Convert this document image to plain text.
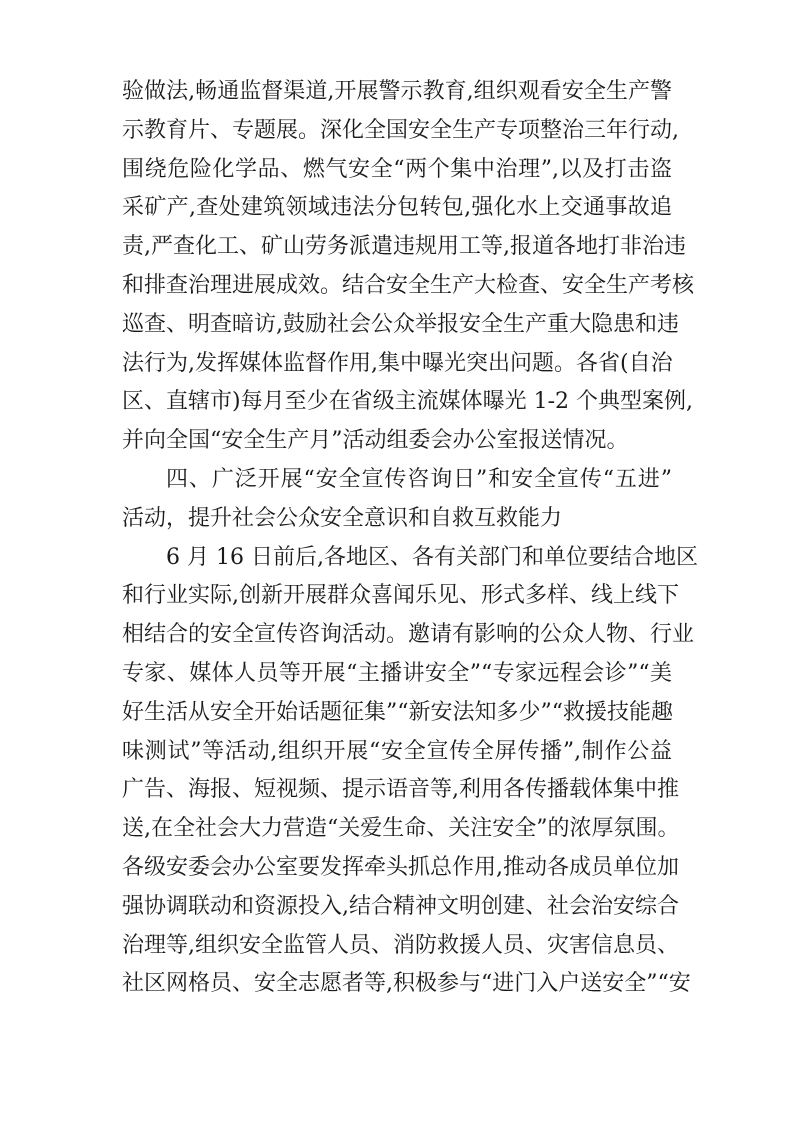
验做法,畅通监督渠道,开展警示教育,组织观看安全生产警
示教育片、专题展。深化全国安全生产专项整治三年行动,
围绕危险化学品、燃气安全“两个集中治理”,以及打击盗
采矿产,查处建筑领域违法分包转包,强化水上交通事故追
责,严查化工、矿山劳务派遣违规用工等,报道各地打非治违
和排查治理进展成效。结合安全生产大检查、安全生产考核
巡查、明查暗访,鼓励社会公众举报安全生产重大隐患和违
法行为,发挥媒体监督作用,集中曝光突出问题。各省(自治
区、直辖市)每月至少在省级主流媒体曝光 1-2 个典型案例,
并向全国“安全生产月”活动组委会办公室报送情况。
四、广泛开展“安全宣传咨询日”和安全宣传“五进”
活动，提升社会公众安全意识和自救互救能力
6 月 16 日前后,各地区、各有关部门和单位要结合地区
和行业实际,创新开展群众喜闻乐见、形式多样、线上线下
相结合的安全宣传咨询活动。邀请有影响的公众人物、行业
专家、媒体人员等开展“主播讲安全”“专家远程会诊”“美
好生活从安全开始话题征集”“新安法知多少”“救援技能趣
味测试”等活动,组织开展“安全宣传全屏传播”,制作公益
广告、海报、短视频、提示语音等,利用各传播载体集中推
送,在全社会大力营造“关爱生命、关注安全”的浓厚氛围。
各级安委会办公室要发挥牵头抓总作用,推动各成员单位加
强协调联动和资源投入,结合精神文明创建、社会治安综合
治理等,组织安全监管人员、消防救援人员、灾害信息员、
社区网格员、安全志愿者等,积极参与“进门入户送安全”“安
